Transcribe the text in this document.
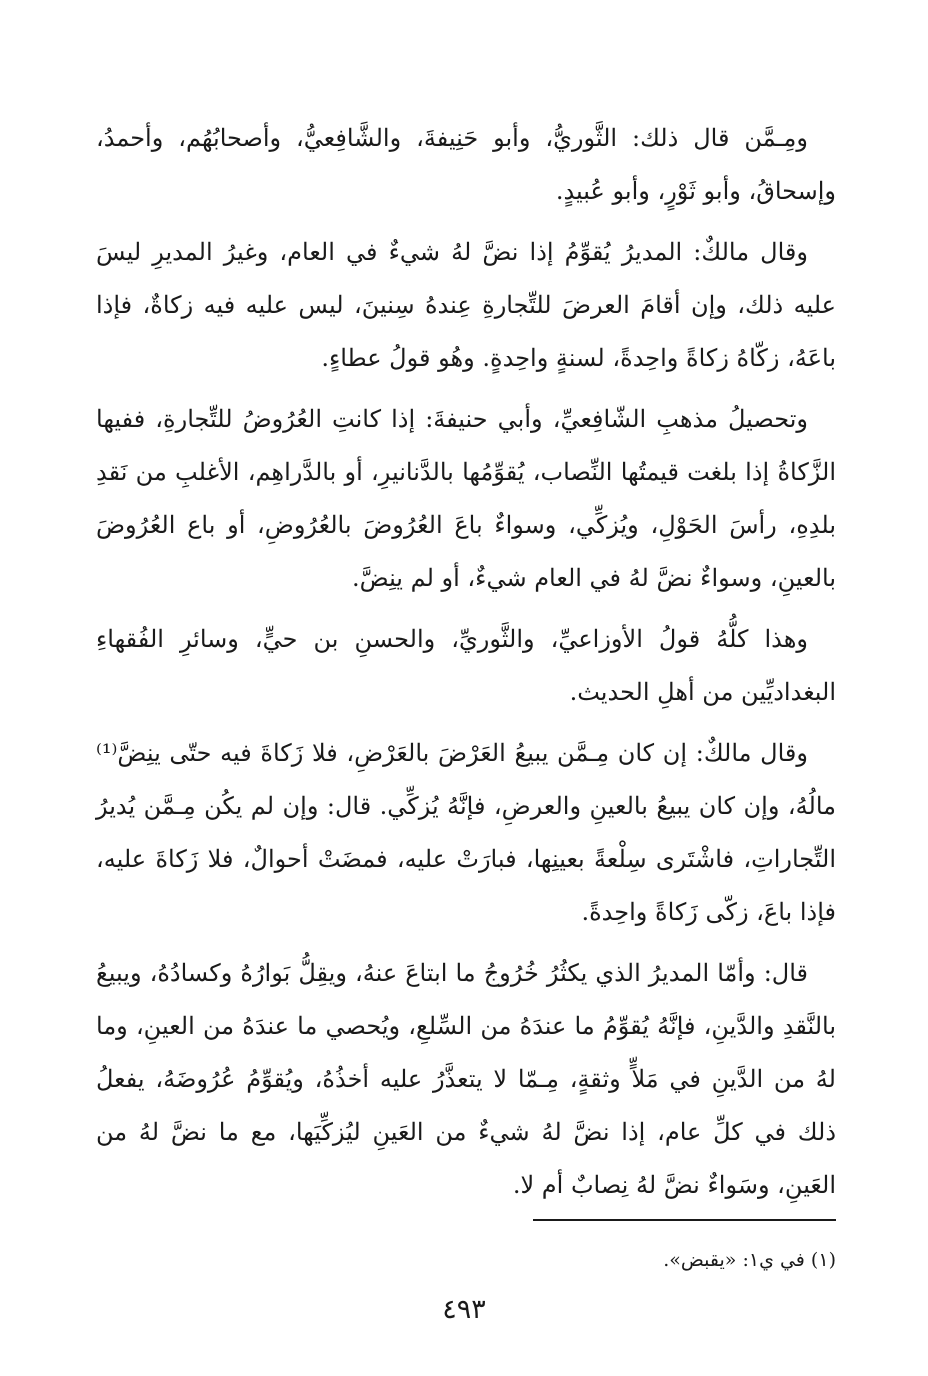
ومِـمَّن قال ذلك: الثَّوريُّ، وأبو حَنِيفةَ، والشَّافِعيُّ، وأصحابُهُم، وأحمدُ، وإسحاقُ، وأبو ثَوْرٍ، وأبو عُبيدٍ.

وقال مالكٌ: المديرُ يُقوِّمُ إذا نضَّ لهُ شيءٌ في العام، وغيرُ المديرِ ليسَ عليه ذلك، وإن أقامَ العرضَ للتِّجارةِ عِندهُ سِنينَ، ليس عليه فيه زكاةٌ، فإذا باعَهُ، زكّاهُ زكاةً واحِدةً، لسنةٍ واحِدةٍ. وهُو قولُ عطاءٍ.

وتحصيلُ مذهبِ الشّافِعيِّ، وأبي حنيفةَ: إذا كانتِ العُرُوضُ للتِّجارةِ، ففيها الزَّكاةُ إذا بلغت قيمتُها النِّصاب، يُقوِّمُها بالدَّنانيرِ، أو بالدَّراهِم، الأغلبِ من نَقدِ بلدِهِ، رأسَ الحَوْلِ، ويُزكِّي، وسواءٌ باعَ العُرُوضَ بالعُرُوضِ، أو باع العُرُوضَ بالعينِ، وسواءٌ نضَّ لهُ في العام شيءٌ، أو لم ينِضَّ.

وهذا كلُّهُ قولُ الأوزاعيِّ، والثَّوريِّ، والحسنِ بن حيٍّ، وسائرِ الفُقهاءِ البغداديِّين من أهلِ الحديث.

وقال مالكٌ: إن كان مِـمَّن يبيعُ العَرْضَ بالعَرْضِ، فلا زَكاةَ فيه حتّى ينِضَّ⁽¹⁾ مالُهُ، وإن كان يبيعُ بالعينِ والعرضِ، فإنَّهُ يُزكِّي. قال: وإن لم يكُن مِـمَّن يُديرُ التِّجاراتِ، فاشْتَرى سِلْعةً بعينِها، فبارَتْ عليه، فمضَتْ أحوالٌ، فلا زَكاةَ عليه، فإذا باعَ، زكّى زَكاةً واحِدةً.

قال: وأمّا المديرُ الذي يكثُرُ خُرُوجُ ما ابتاعَ عنهُ، ويقِلُّ بَوارُهُ وكسادُهُ، ويبيعُ بالنَّقدِ والدَّينِ، فإنَّهُ يُقوِّمُ ما عندَهُ من السِّلعِ، ويُحصي ما عندَهُ من العينِ، وما لهُ من الدَّينِ في مَلاٍّ وثقةٍ، مِـمّا لا يتعذَّرُ عليه أخذُهُ، ويُقوِّمُ عُرُوضَهُ، يفعلُ ذلك في كلِّ عام، إذا نضَّ لهُ شيءٌ من العَينِ ليُزكِّيَها، مع ما نضَّ لهُ من العَينِ، وسَواءٌ نضَّ لهُ نِصابٌ أم لا.

(١) في ي١: «يقبض».

٤٩٣
